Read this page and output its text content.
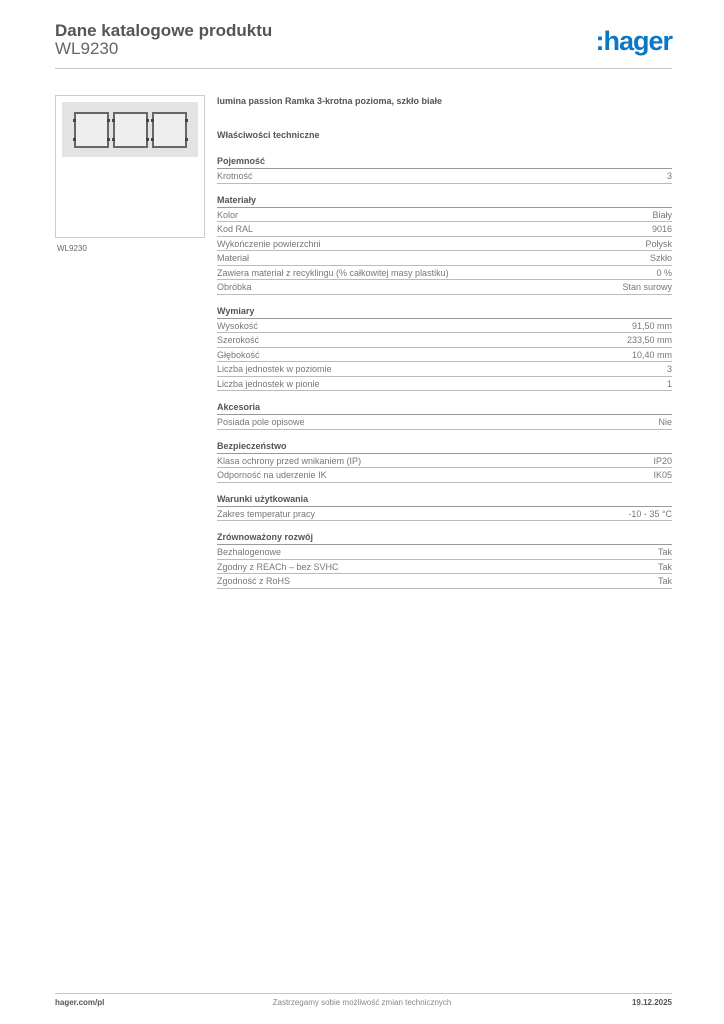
Dane katalogowe produktu
WL9230	:hager
WL9230
lumina passion Ramka 3-krotna pozioma, szkło białe
Właściwości techniczne
Pojemność
Krotność	3
Materiały
Kolor	Biały
Kod RAL	9016
Wykończenie powierzchni	Połysk
Materiał	Szkło
Zawiera materiał z recyklingu (% całkowitej masy plastiku)	0 %
Obróbka	Stan surowy
Wymiary
Wysokość	91,50 mm
Szerokość	233,50 mm
Głębokość	10,40 mm
Liczba jednostek w poziomie	3
Liczba jednostek w pionie	1
Akcesoria
Posiada pole opisowe	Nie
Bezpieczeństwo
Klasa ochrony przed wnikaniem (IP)	IP20
Odporność na uderzenie IK	IK05
Warunki użytkowania
Zakres temperatur pracy	-10 - 35 °C
Zrównoważony rozwój
Bezhalogenowe	Tak
Zgodny z REACh – bez SVHC	Tak
Zgodność z RoHS	Tak
hager.com/pl	Zastrzegamy sobie możliwość zmian technicznych	19.12.2025
